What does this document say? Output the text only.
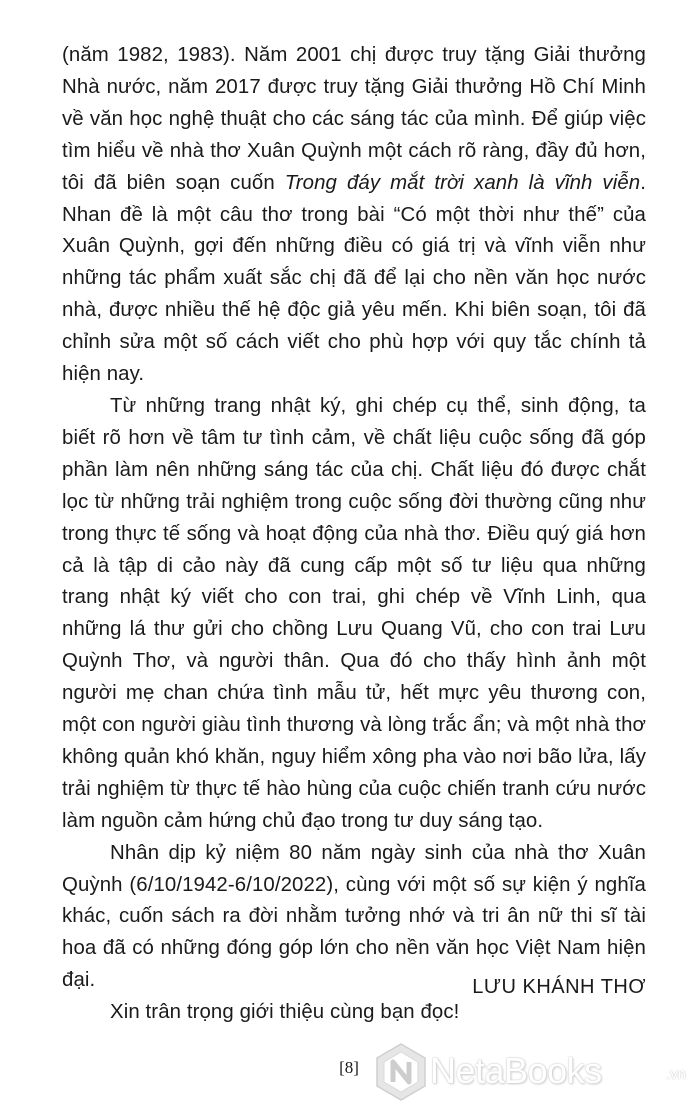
(năm 1982, 1983). Năm 2001 chị được truy tặng Giải thưởng Nhà nước, năm 2017 được truy tặng Giải thưởng Hồ Chí Minh về văn học nghệ thuật cho các sáng tác của mình. Để giúp việc tìm hiểu về nhà thơ Xuân Quỳnh một cách rõ ràng, đầy đủ hơn, tôi đã biên soạn cuốn Trong đáy mắt trời xanh là vĩnh viễn. Nhan đề là một câu thơ trong bài “Có một thời như thế” của Xuân Quỳnh, gợi đến những điều có giá trị và vĩnh viễn như những tác phẩm xuất sắc chị đã để lại cho nền văn học nước nhà, được nhiều thế hệ độc giả yêu mến. Khi biên soạn, tôi đã chỉnh sửa một số cách viết cho phù hợp với quy tắc chính tả hiện nay.

Từ những trang nhật ký, ghi chép cụ thể, sinh động, ta biết rõ hơn về tâm tư tình cảm, về chất liệu cuộc sống đã góp phần làm nên những sáng tác của chị. Chất liệu đó được chắt lọc từ những trải nghiệm trong cuộc sống đời thường cũng như trong thực tế sống và hoạt động của nhà thơ. Điều quý giá hơn cả là tập di cảo này đã cung cấp một số tư liệu qua những trang nhật ký viết cho con trai, ghi chép về Vĩnh Linh, qua những lá thư gửi cho chồng Lưu Quang Vũ, cho con trai Lưu Quỳnh Thơ, và người thân. Qua đó cho thấy hình ảnh một người mẹ chan chứa tình mẫu tử, hết mực yêu thương con, một con người giàu tình thương và lòng trắc ẩn; và một nhà thơ không quản khó khăn, nguy hiểm xông pha vào nơi bão lửa, lấy trải nghiệm từ thực tế hào hùng của cuộc chiến tranh cứu nước làm nguồn cảm hứng chủ đạo trong tư duy sáng tạo.

Nhân dịp kỷ niệm 80 năm ngày sinh của nhà thơ Xuân Quỳnh (6/10/1942-6/10/2022), cùng với một số sự kiện ý nghĩa khác, cuốn sách ra đời nhằm tưởng nhớ và tri ân nữ thi sĩ tài hoa đã có những đóng góp lớn cho nền văn học Việt Nam hiện đại.

Xin trân trọng giới thiệu cùng bạn đọc!

LƯU KHÁNH THƠ
[8] NetaBooks	.vn
